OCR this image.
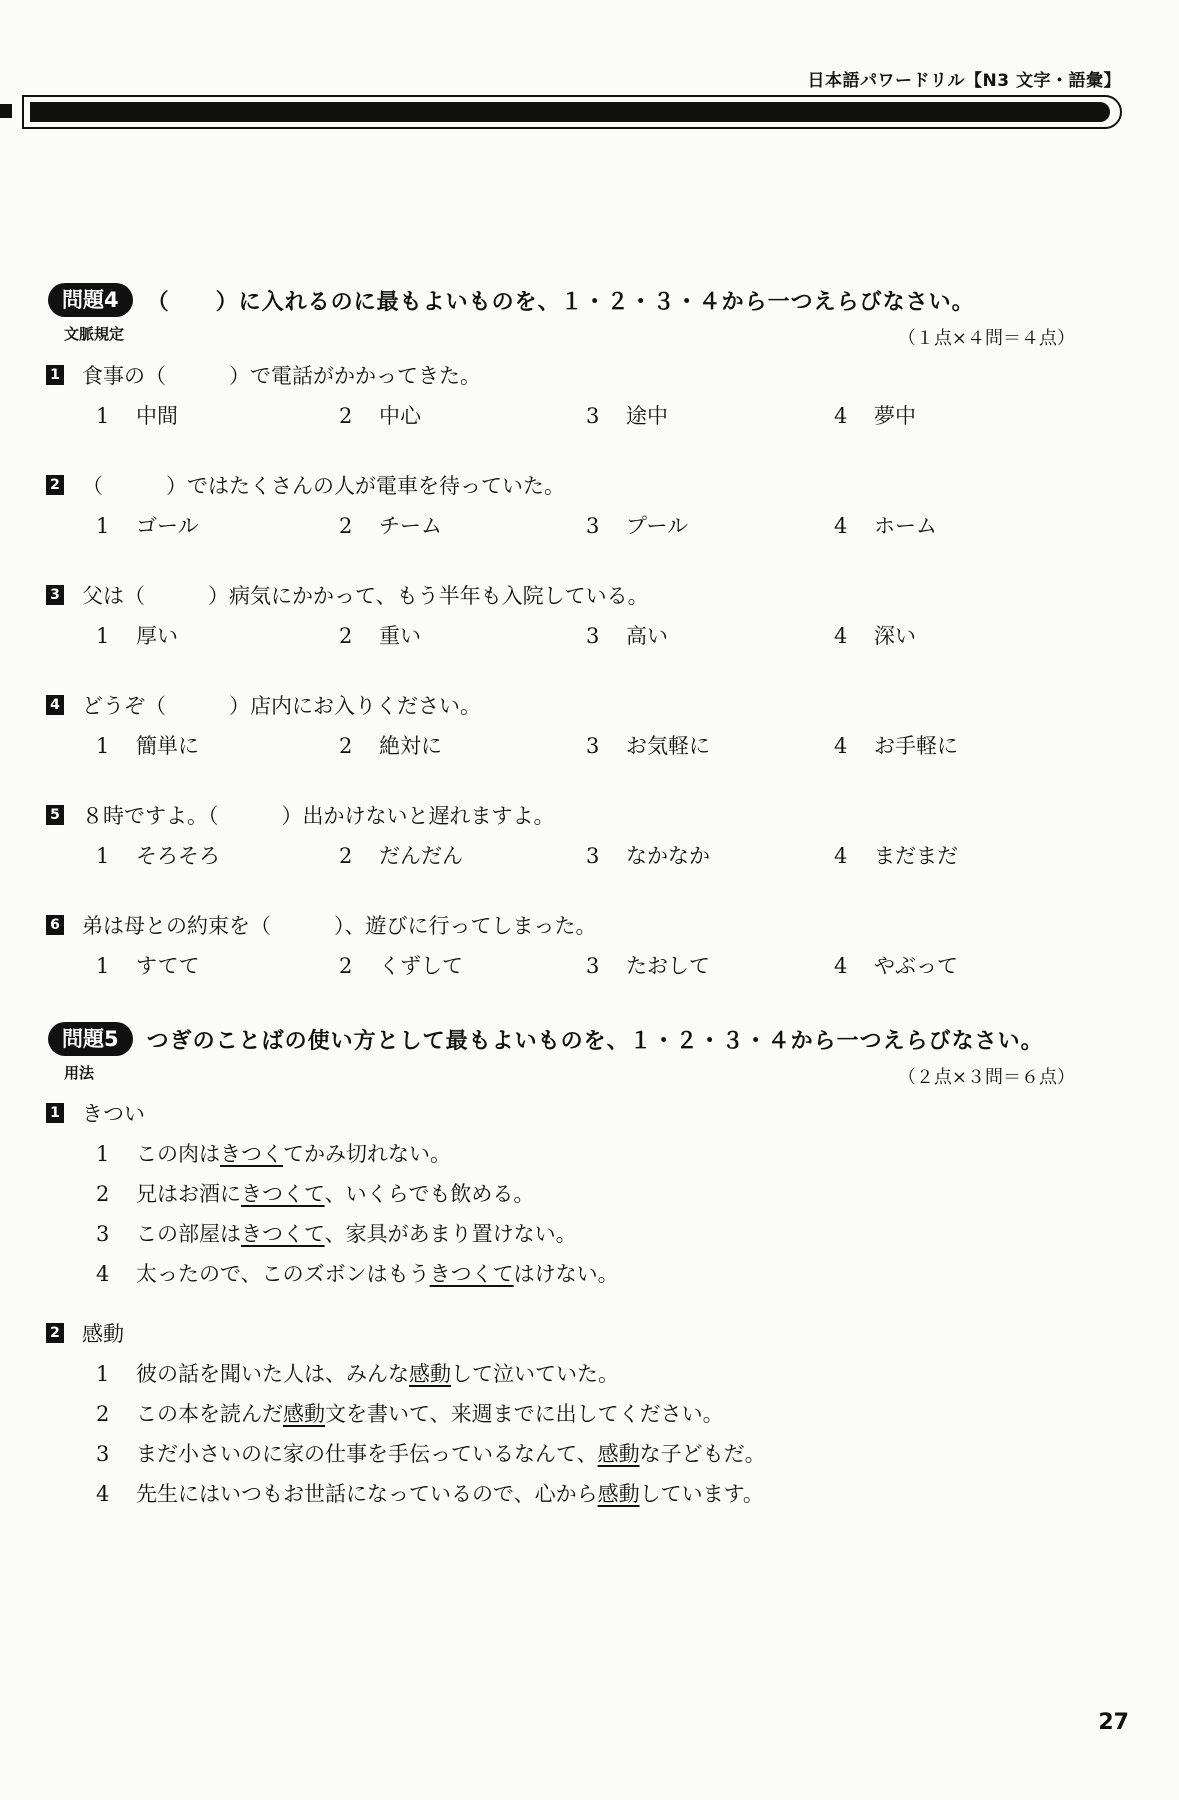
日本語パワードリル【N3 文字・語彙】
問題4	（　　）に入れるのに最もよいものを、１・２・３・４から一つえらびなさい。
文脈規定	（１点×４問＝４点）
1 食事の（　　　）で電話がかかってきた。
1 中間	2 中心	3 途中	4 夢中
2 （　　　）ではたくさんの人が電車を待っていた。
1 ゴール	2 チーム	3 プール	4 ホーム
3 父は（　　　）病気にかかって、もう半年も入院している。
1 厚い	2 重い	3 高い	4 深い
4 どうぞ（　　　）店内にお入りください。
1 簡単に	2 絶対に	3 お気軽に	4 お手軽に
5 ８時ですよ。（　　　）出かけないと遅れますよ。
1 そろそろ	2 だんだん	3 なかなか	4 まだまだ
6 弟は母との約束を（　　　）、遊びに行ってしまった。
1 すてて	2 くずして	3 たおして	4 やぶって
問題5	つぎのことばの使い方として最もよいものを、１・２・３・４から一つえらびなさい。
用法	（２点×３問＝６点）
1 きつい
1 この肉はきつくてかみ切れない。
2 兄はお酒にきつくて、いくらでも飲める。
3 この部屋はきつくて、家具があまり置けない。
4 太ったので、このズボンはもうきつくてはけない。
2 感動
1 彼の話を聞いた人は、みんな感動して泣いていた。
2 この本を読んだ感動文を書いて、来週までに出してください。
3 まだ小さいのに家の仕事を手伝っているなんて、感動な子どもだ。
4 先生にはいつもお世話になっているので、心から感動しています。
27
